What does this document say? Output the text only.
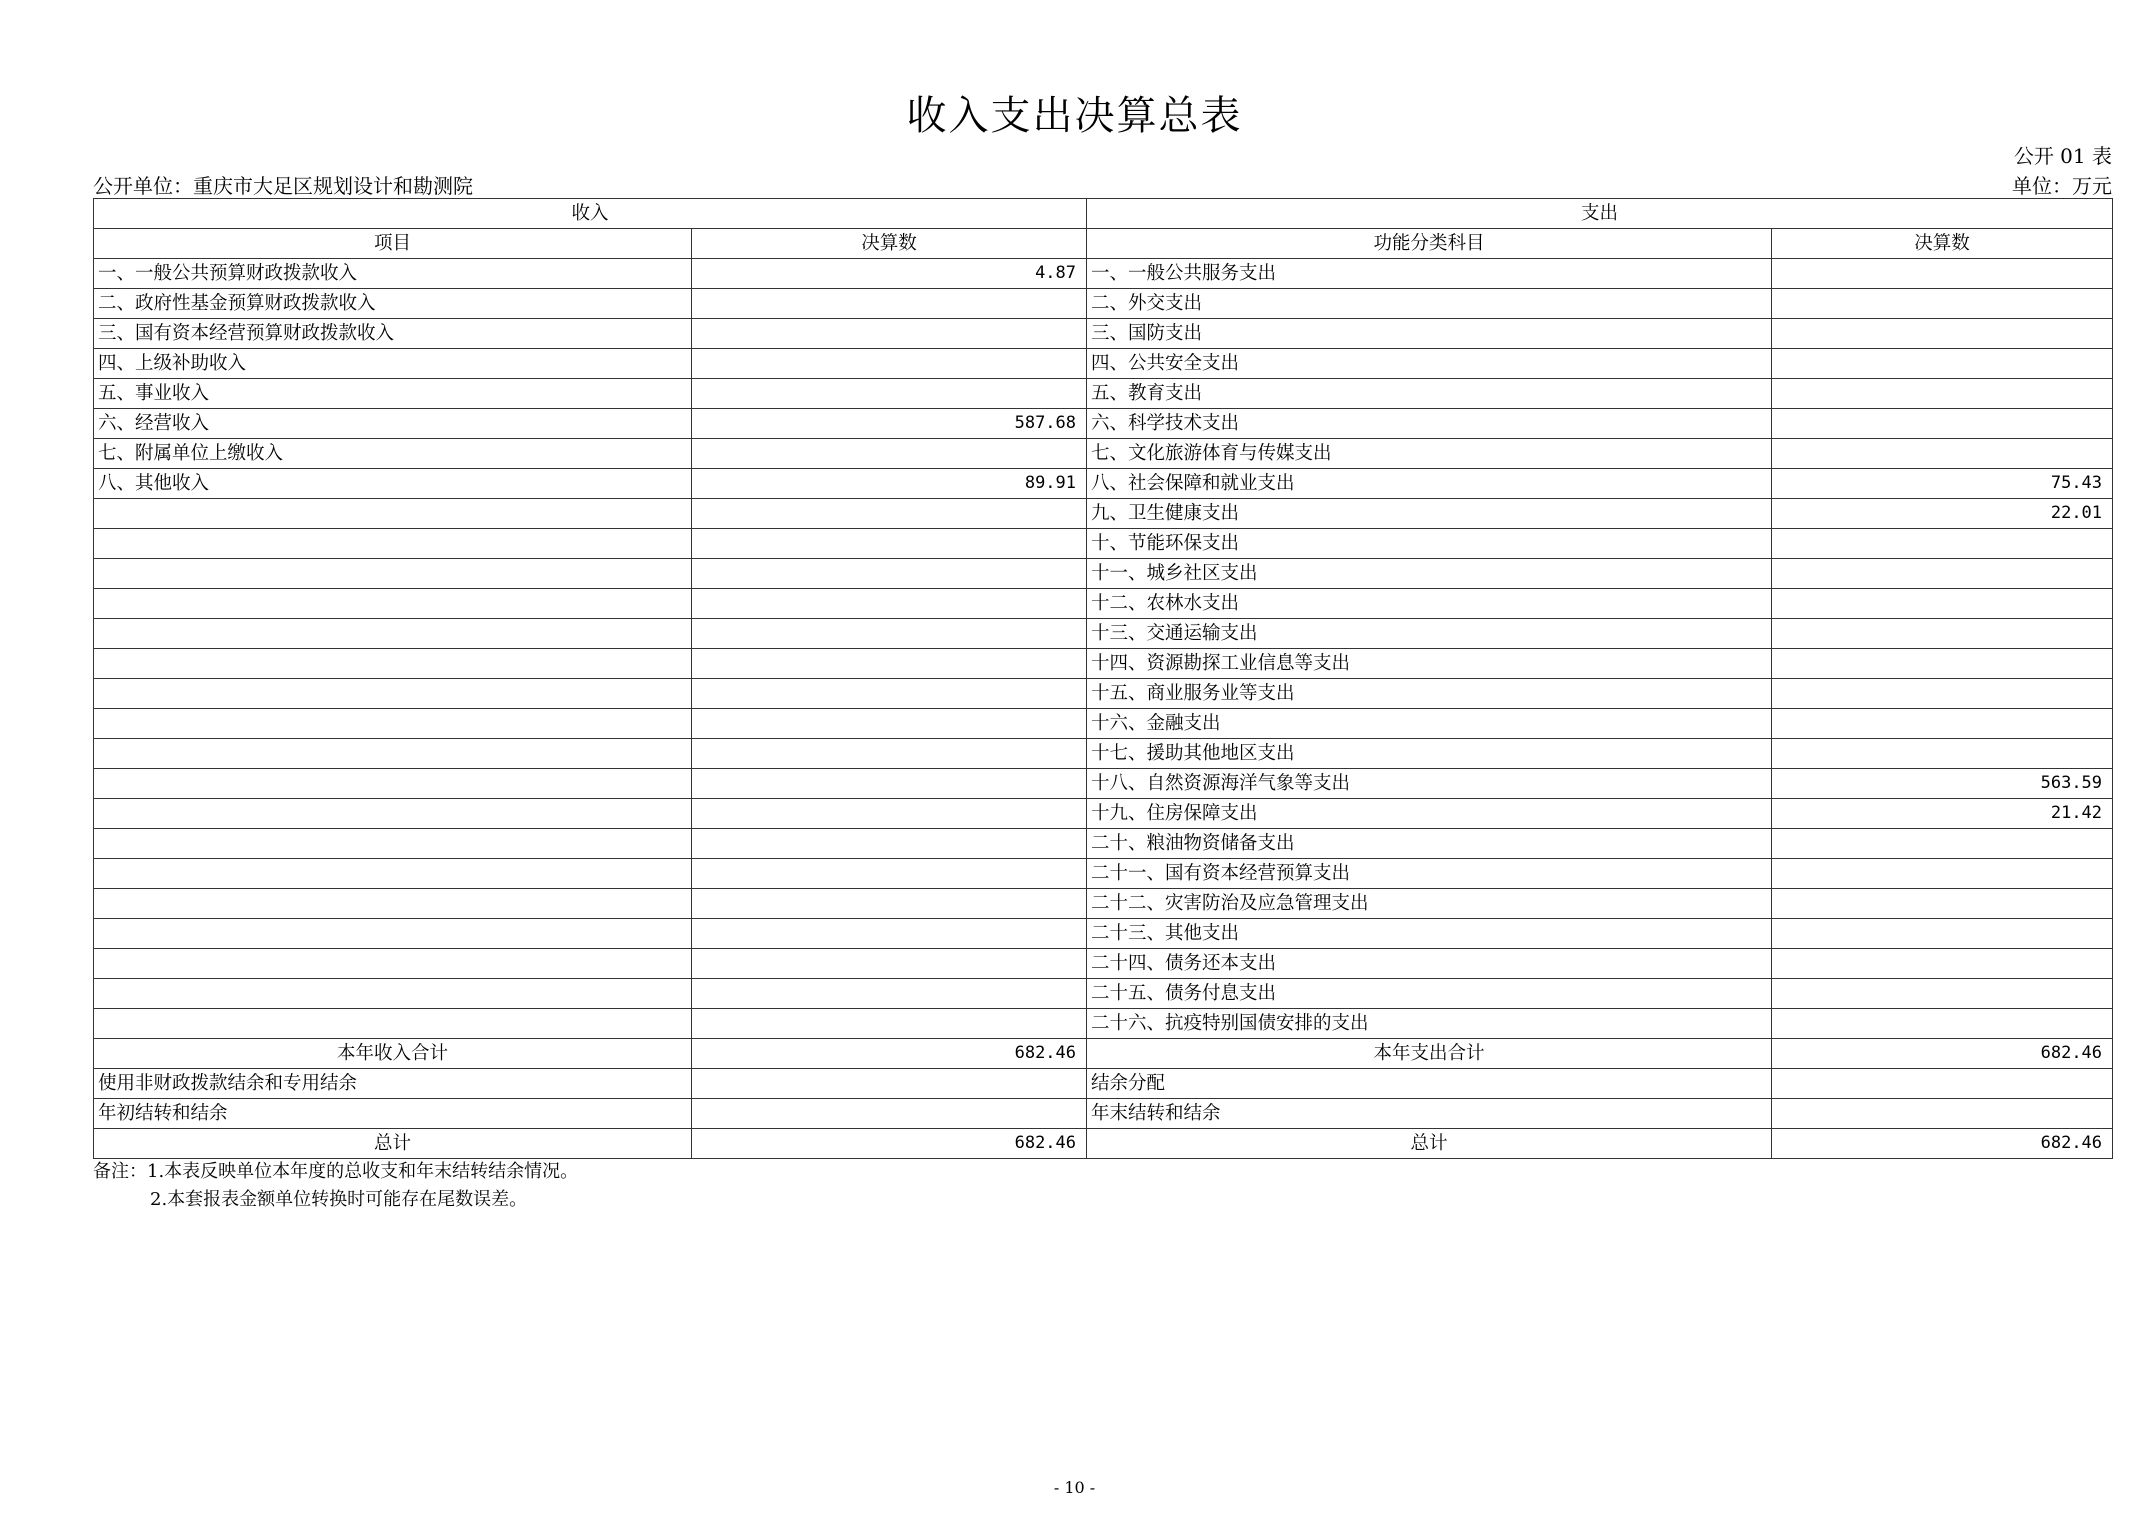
收入支出决算总表
公开 01 表
公开单位：重庆市大足区规划设计和勘测院	单位：万元
收入		支出	
项目	决算数	功能分类科目	决算数
一、一般公共预算财政拨款收入	4.87	一、一般公共服务支出	
二、政府性基金预算财政拨款收入		二、外交支出	
三、国有资本经营预算财政拨款收入		三、国防支出	
四、上级补助收入		四、公共安全支出	
五、事业收入		五、教育支出	
六、经营收入	587.68	六、科学技术支出	
七、附属单位上缴收入		七、文化旅游体育与传媒支出	
八、其他收入	89.91	八、社会保障和就业支出	75.43
		九、卫生健康支出	22.01
		十、节能环保支出	
		十一、城乡社区支出	
		十二、农林水支出	
		十三、交通运输支出	
		十四、资源勘探工业信息等支出	
		十五、商业服务业等支出	
		十六、金融支出	
		十七、援助其他地区支出	
		十八、自然资源海洋气象等支出	563.59
		十九、住房保障支出	21.42
		二十、粮油物资储备支出	
		二十一、国有资本经营预算支出	
		二十二、灾害防治及应急管理支出	
		二十三、其他支出	
		二十四、债务还本支出	
		二十五、债务付息支出	
		二十六、抗疫特别国债安排的支出	
本年收入合计	682.46	本年支出合计	682.46
使用非财政拨款结余和专用结余		结余分配	
年初结转和结余		年末结转和结余	
总计	682.46	总计	682.46
备注：1.本表反映单位本年度的总收支和年末结转结余情况。
2.本套报表金额单位转换时可能存在尾数误差。
- 10 -
